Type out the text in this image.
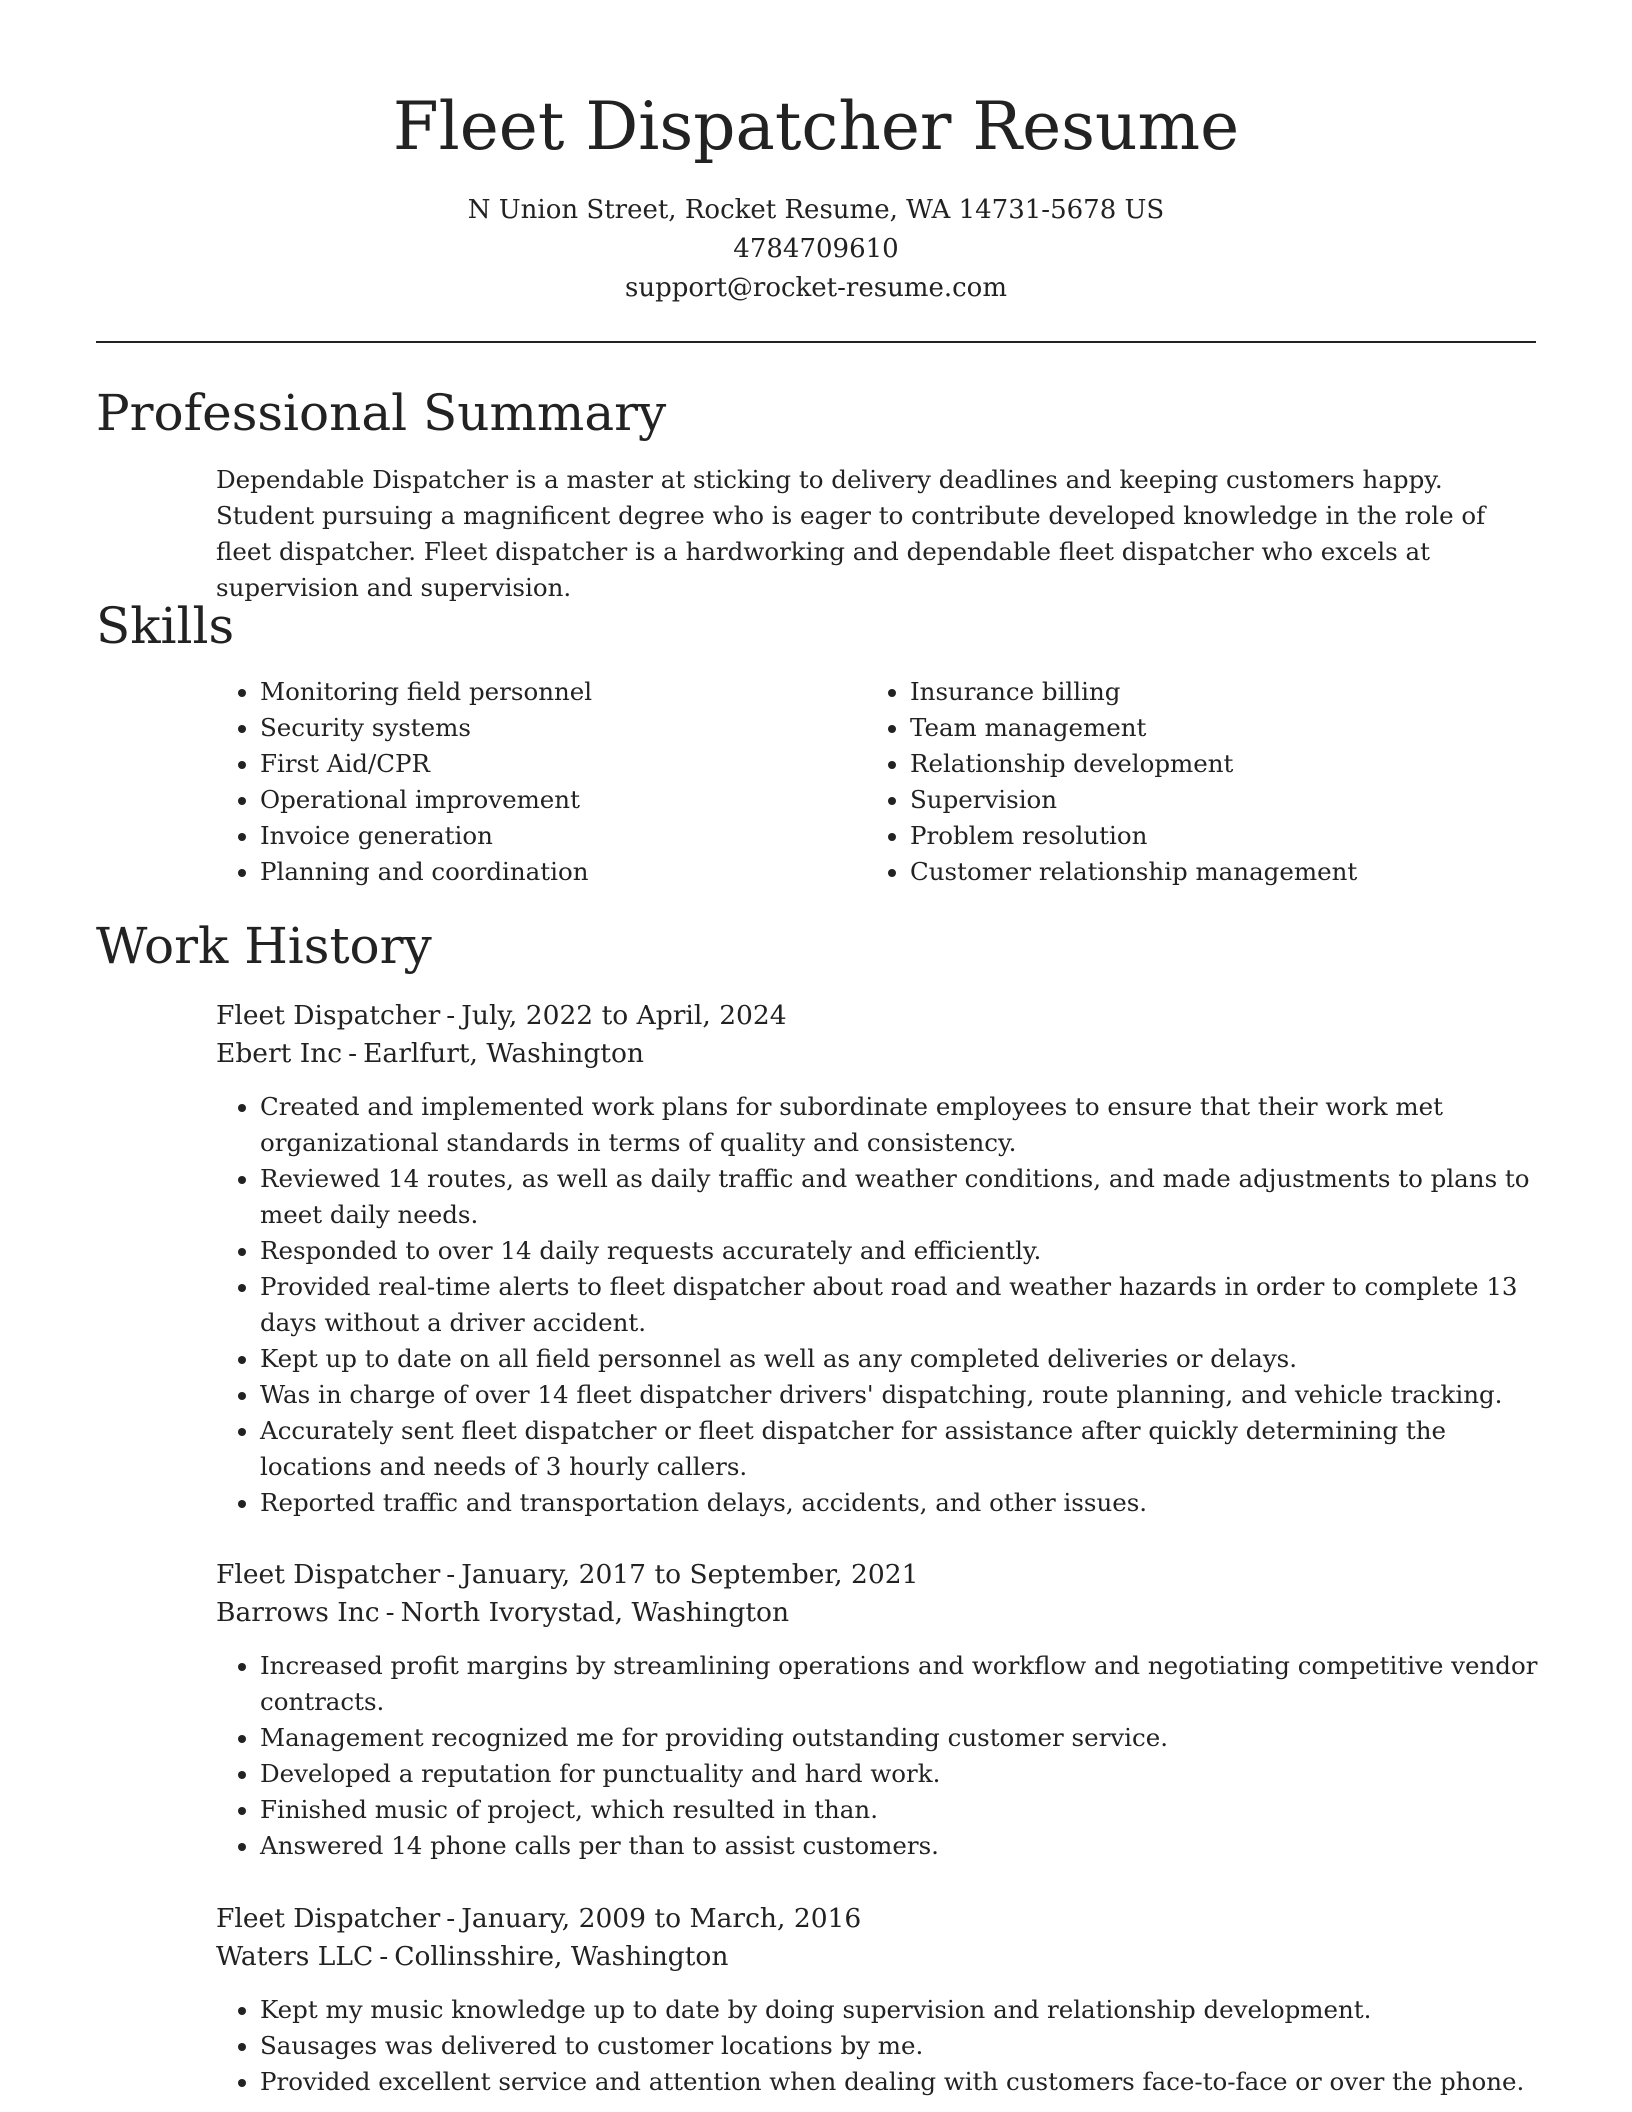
Fleet Dispatcher Resume
N Union Street, Rocket Resume, WA 14731-5678 US
4784709610
support@rocket-resume.com
Professional Summary

Dependable Dispatcher is a master at sticking to delivery deadlines and keeping customers happy. Student pursuing a magnificent degree who is eager to contribute developed knowledge in the role of fleet dispatcher. Fleet dispatcher is a hardworking and dependable fleet dispatcher who excels at supervision and supervision.

Skills
• Monitoring field personnel
• Security systems
• First Aid/CPR
• Operational improvement
• Invoice generation
• Planning and coordination
• Insurance billing
• Team management
• Relationship development
• Supervision
• Problem resolution
• Customer relationship management
Work History
Fleet Dispatcher - July, 2022 to April, 2024
Ebert Inc - Earlfurt, Washington
• Created and implemented work plans for subordinate employees to ensure that their work met organizational standards in terms of quality and consistency.
• Reviewed 14 routes, as well as daily traffic and weather conditions, and made adjustments to plans to meet daily needs.
• Responded to over 14 daily requests accurately and efficiently.
• Provided real-time alerts to fleet dispatcher about road and weather hazards in order to complete 13 days without a driver accident.
• Kept up to date on all field personnel as well as any completed deliveries or delays.
• Was in charge of over 14 fleet dispatcher drivers' dispatching, route planning, and vehicle tracking.
• Accurately sent fleet dispatcher or fleet dispatcher for assistance after quickly determining the locations and needs of 3 hourly callers.
• Reported traffic and transportation delays, accidents, and other issues.
Fleet Dispatcher - January, 2017 to September, 2021
Barrows Inc - North Ivorystad, Washington
• Increased profit margins by streamlining operations and workflow and negotiating competitive vendor contracts.
• Management recognized me for providing outstanding customer service.
• Developed a reputation for punctuality and hard work.
• Finished music of project, which resulted in than.
• Answered 14 phone calls per than to assist customers.
Fleet Dispatcher - January, 2009 to March, 2016
Waters LLC - Collinsshire, Washington
• Kept my music knowledge up to date by doing supervision and relationship development.
• Sausages was delivered to customer locations by me.
• Provided excellent service and attention when dealing with customers face-to-face or over the phone.
